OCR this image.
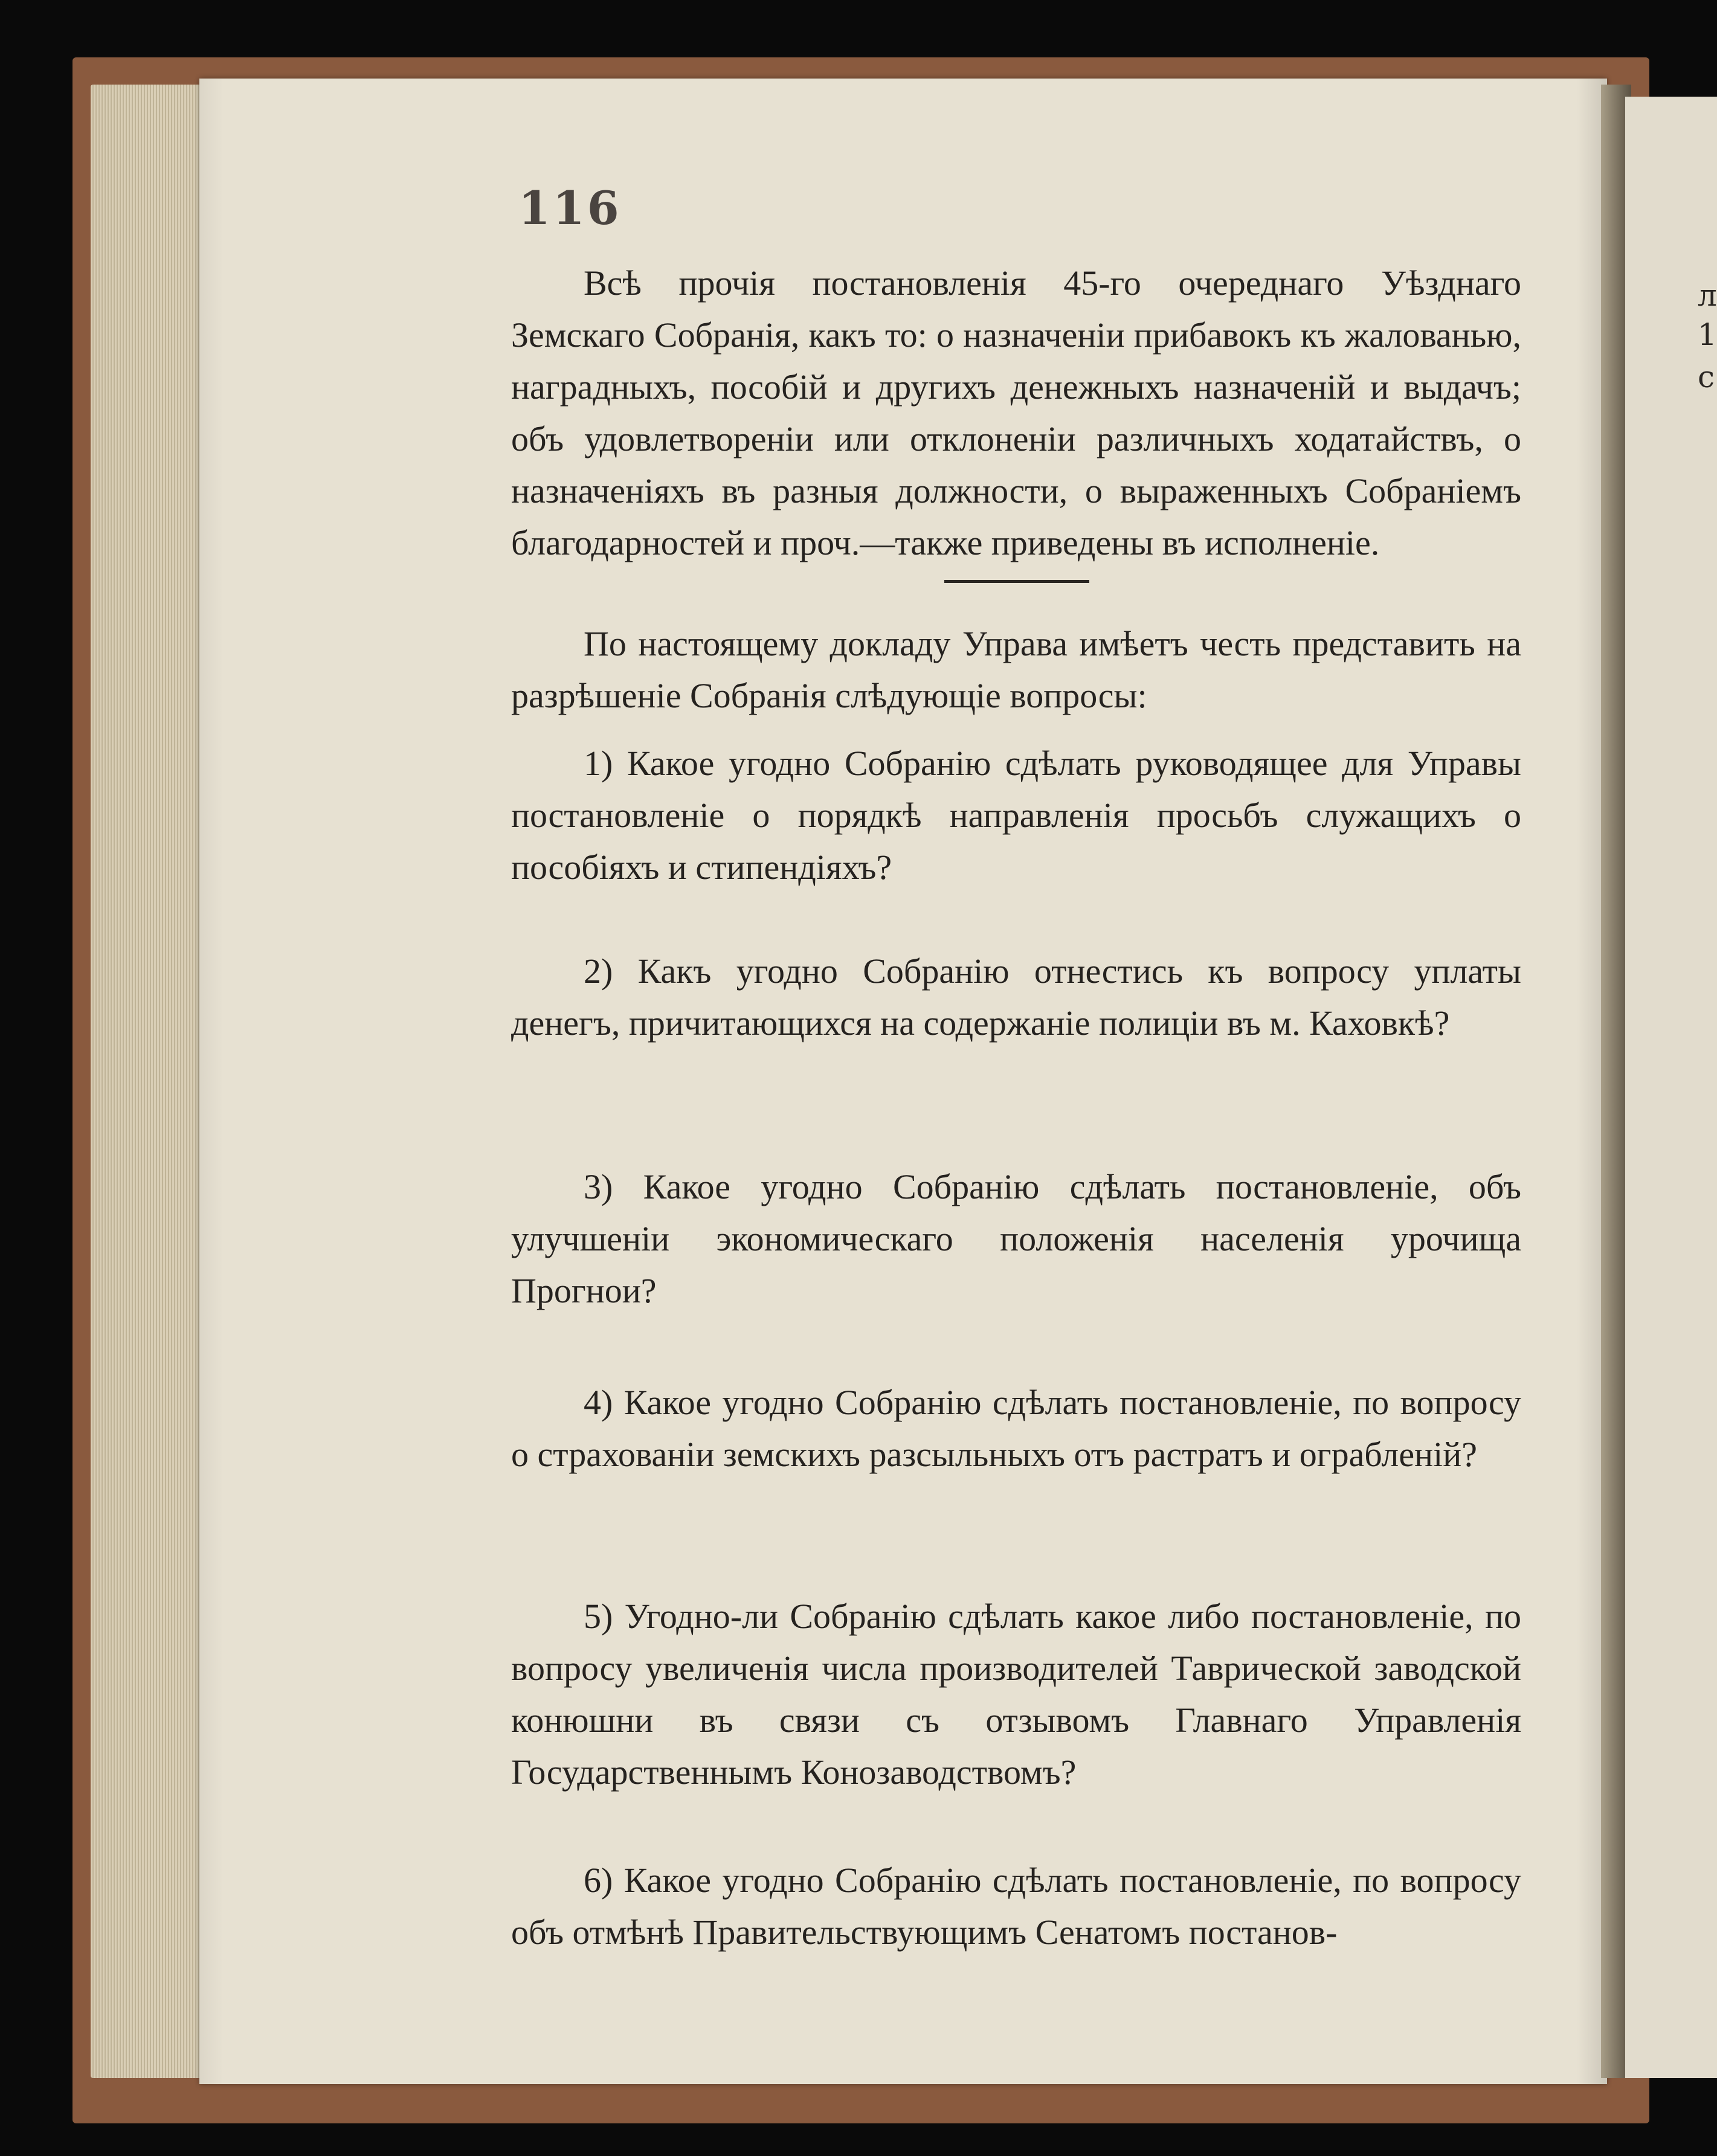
л
1
с
116
Всѣ прочія постановленія 45-го очереднаго Уѣзднаго Земскаго Собранія, какъ то: о назначеніи прибавокъ къ жалованью, наградныхъ, пособій и другихъ денежныхъ назначеній и выдачъ; объ удовлетвореніи или отклоненіи различныхъ ходатайствъ, о назначеніяхъ въ разныя должности, о выраженныхъ Собраніемъ благодарностей и проч.—также приведены въ исполненіе.
По настоящему докладу Управа имѣетъ честь представить на разрѣшеніе Собранія слѣдующіе вопросы:
1) Какое угодно Собранію сдѣлать руководящее для Управы постановленіе о порядкѣ направленія просьбъ служащихъ о пособіяхъ и стипендіяхъ?
2) Какъ угодно Собранію отнестись къ вопросу уплаты денегъ, причитающихся на содержаніе полиціи въ м. Каховкѣ?
3) Какое угодно Собранію сдѣлать постановленіе, объ улучшеніи экономическаго положенія населенія урочища Прогнои?
4) Какое угодно Собранію сдѣлать постановленіе, по вопросу о страхованіи земскихъ разсыльныхъ отъ растратъ и ограбленій?
5) Угодно-ли Собранію сдѣлать какое либо постановленіе, по вопросу увеличенія числа производителей Таврической заводской конюшни въ связи съ отзывомъ Главнаго Управленія Государственнымъ Конозаводствомъ?
6) Какое угодно Собранію сдѣлать постановленіе, по вопросу объ отмѣнѣ Правительствующимъ Сенатомъ постанов-
